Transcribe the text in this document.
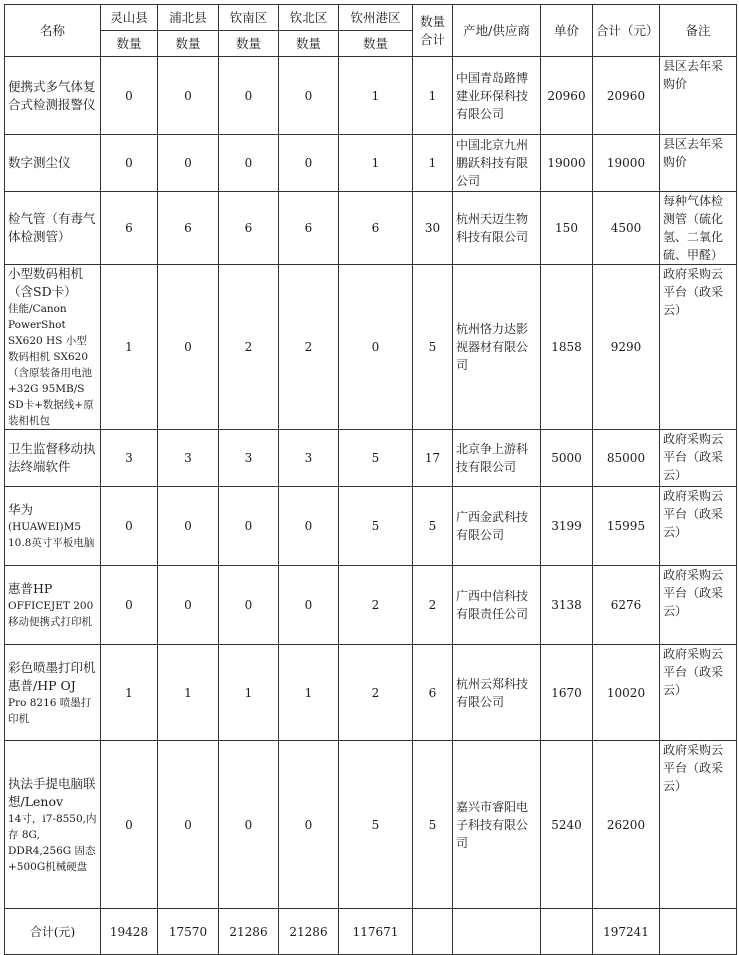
名称	灵山县	浦北县	钦南区	钦北区	钦州港区	数量合计	产地/供应商	单价	合计（元）	备注
	数量	数量	数量	数量	数量					

便携式多气体复合式检测报警仪	0	0	0	0	1	1	中国青岛路博建业环保科技有限公司	20960	20960	县区去年采购价

数字测尘仪	0	0	0	0	1	1	中国北京九州鹏跃科技有限公司	19000	19000	县区去年采购价

检气管（有毒气体检测管）	6	6	6	6	6	30	杭州天迈生物科技有限公司	150	4500	每种气体检测管（硫化氢、二氧化硫、甲醛）

小型数码相机（含SD卡）
佳能/Canon PowerShot SX620 HS 小型数码相机 SX620（含原装备用电池+32G 95MB/S SD卡+数据线+原装相机包	1	0	2	2	0	5	杭州恪力达影视器材有限公司	1858	9290	政府采购云平台（政采云）

卫生监督移动执法终端软件	3	3	3	3	5	17	北京争上游科技有限公司	5000	85000	政府采购云平台（政采云）

华为
(HUAWEI)M5 10.8英寸平板电脑	0	0	0	0	5	5	广西金武科技有限公司	3199	15995	政府采购云平台（政采云）

惠普HP
OFFICEJET 200 移动便携式打印机	0	0	0	0	2	2	广西中信科技有限责任公司	3138	6276	政府采购云平台（政采云）

彩色喷墨打印机
惠普/HP OJ
Pro 8216 喷墨打印机	1	1	1	1	2	6	杭州云郑科技有限公司	1670	10020	政府采购云平台（政采云）

执法手提电脑联想/Lenov
14寸，i7-8550,内存 8G, DDR4,256G 固态+500G机械硬盘	0	0	0	0	5	5	嘉兴市睿阳电子科技有限公司	5240	26200	政府采购云平台（政采云）
合计(元)	19428	17570	21286	21286	117671				197241	
